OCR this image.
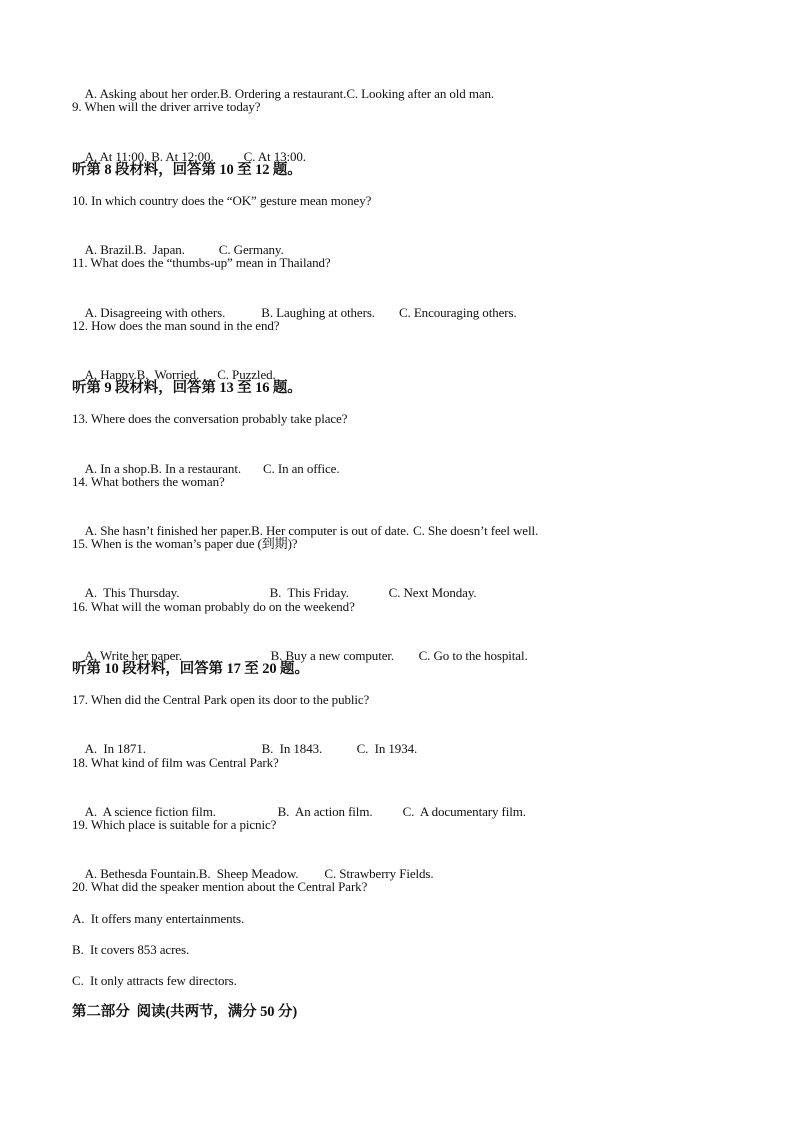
A. Asking about her order.B. Ordering a restaurant.C. Looking after an old man.

9. When will the driver arrive today?

A. At 11:00. B. At 12:00. C. At 13:00.

听第 8 段材料，回答第 10 至 12 题。
10. In which country does the “OK” gesture mean money?

A. Brazil.B.  Japan.	C. Germany.

11. What does the “thumbs-up” mean in Thailand?

A. Disagreeing with others.	B. Laughing at others. C. Encouraging others.

12. How does the man sound in the end?

A. Happy.B.  Worried. C. Puzzled.

听第 9 段材料，回答第 13 至 16 题。
13. Where does the conversation probably take place?

A. In a shop.B. In a restaurant. C. In an office.

14. What bothers the woman?

A. She hasn’t finished her paper.B. Her computer is out of date. C. She doesn’t feel well.

15. When is the woman’s paper due (到期)?

A.  This Thursday.	B.  This Friday.	C. Next Monday.

16. What will the woman probably do on the weekend?

A. Write her paper.	B. Buy a new computer. C. Go to the hospital.

听第 10 段材料，回答第 17 至 20 题。
17. When did the Central Park open its door to the public?

A.  In 1871.	B.  In 1843.	C.  In 1934.

18. What kind of film was Central Park?

A.  A science fiction film.	B.  An action film. C.  A documentary film.

19. Which place is suitable for a picnic?

A. Bethesda Fountain.B.  Sheep Meadow. C. Strawberry Fields.

20. What did the speaker mention about the Central Park?
A.  It offers many entertainments.
B.  It covers 853 acres.
C.  It only attracts few directors.
第二部分  阅读(共两节，满分 50 分)
